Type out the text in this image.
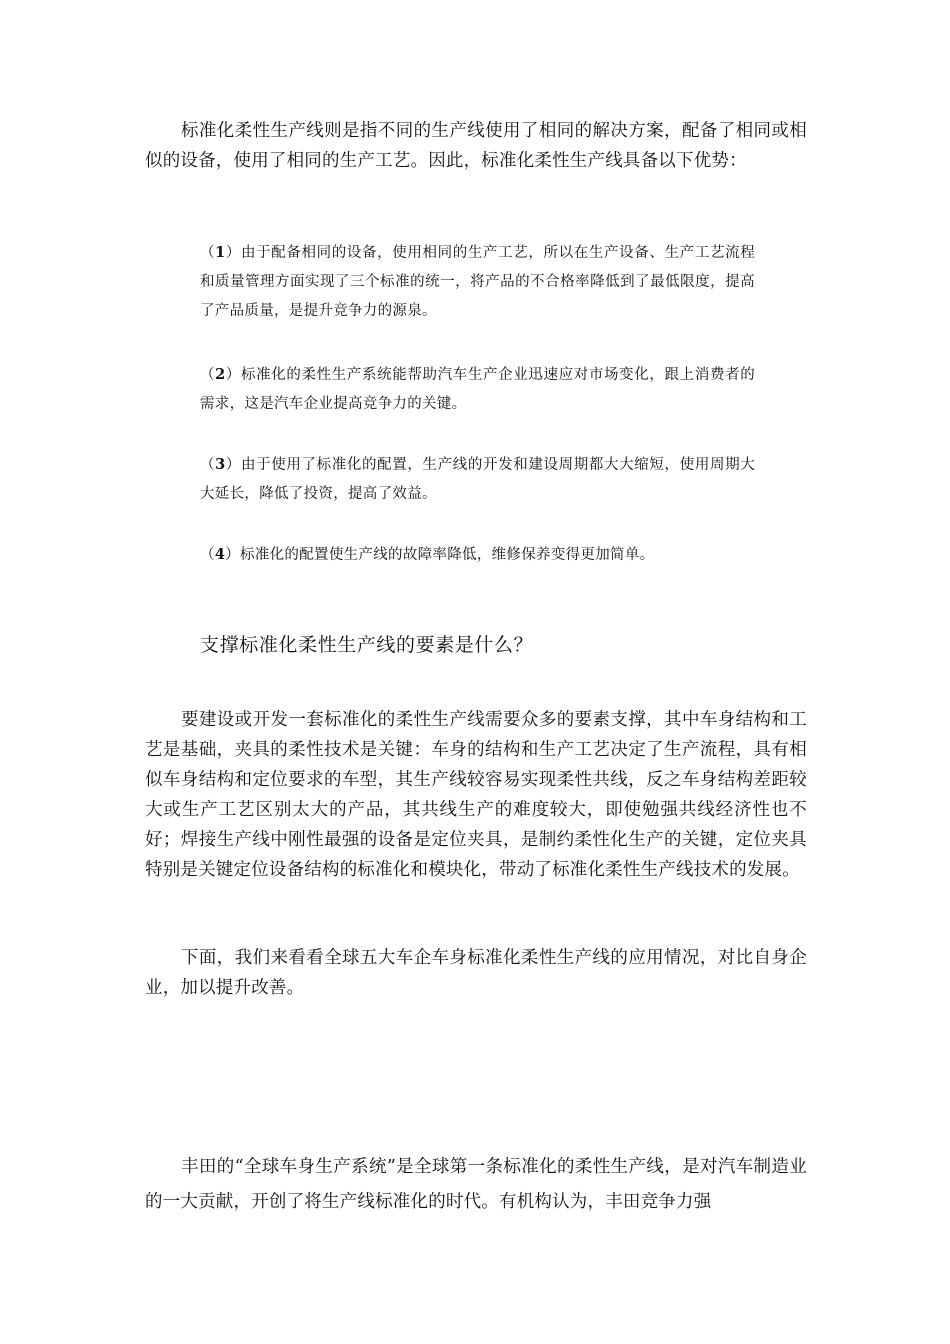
标准化柔性生产线则是指不同的生产线使用了相同的解决方案，配备了相同或相似的设备，使用了相同的生产工艺。因此，标准化柔性生产线具备以下优势：

（1）由于配备相同的设备，使用相同的生产工艺，所以在生产设备、生产工艺流程和质量管理方面实现了三个标准的统一，将产品的不合格率降低到了最低限度，提高了产品质量，是提升竞争力的源泉。

（2）标准化的柔性生产系统能帮助汽车生产企业迅速应对市场变化，跟上消费者的需求，这是汽车企业提高竞争力的关键。

（3）由于使用了标准化的配置，生产线的开发和建设周期都大大缩短，使用周期大大延长，降低了投资，提高了效益。

（4）标准化的配置使生产线的故障率降低，维修保养变得更加简单。

支撑标准化柔性生产线的要素是什么？

要建设或开发一套标准化的柔性生产线需要众多的要素支撑，其中车身结构和工艺是基础，夹具的柔性技术是关键：车身的结构和生产工艺决定了生产流程，具有相似车身结构和定位要求的车型，其生产线较容易实现柔性共线，反之车身结构差距较大或生产工艺区别太大的产品，其共线生产的难度较大，即使勉强共线经济性也不好；焊接生产线中刚性最强的设备是定位夹具，是制约柔性化生产的关键，定位夹具特别是关键定位设备结构的标准化和模块化，带动了标准化柔性生产线技术的发展。

下面，我们来看看全球五大车企车身标准化柔性生产线的应用情况，对比自身企业，加以提升改善。

丰田的“全球车身生产系统”是全球第一条标准化的柔性生产线，是对汽车制造业的一大贡献，开创了将生产线标准化的时代。有机构认为，丰田竞争力强
